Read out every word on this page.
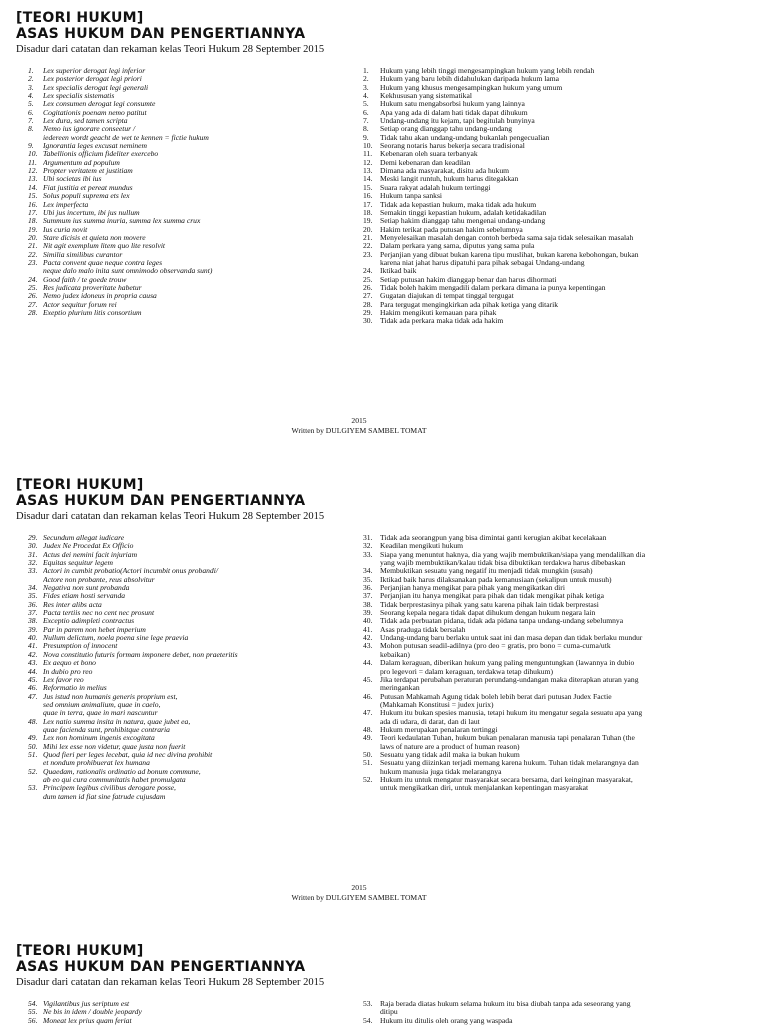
[TEORI HUKUM]
ASAS HUKUM DAN PENGERTIANNYA
Disadur dari catatan dan rekaman kelas Teori Hukum 28 September 2015
1.	Lex superior derogat legi inferior
2.	Lex posterior derogat legi priori
3.	Lex specialis derogat legi generali
4.	Lex specialis sistematis
5.	Lex consumen derogat legi consumte
6.	Cogitationis poenam nemo patitut
7.	Lex dura, sed tamen scripta
8.	Nemo ius ignorare conseetur /
iedereen wordt geacht de wet te kennen = fictie hukum
9.	Ignorantia leges excusat neminem
10. Tabellionis officium fideliter exercebo
11. Argumentum ad populum
12. Propter veritatem et justitiam
13. Ubi societas ibi ius
14. Fiat justitia et pereat mundus
15. Solus populi suprema ets lex
16. Lex imperfecta
17. Ubi jus incertum, ibi jus nullum
18. Summum ius summa inuria, summa lex summa crux
19. Ius curia novit
20. Stare dicisis et quieta non movere
21. Nit agit exemplum litem quo lite resolvit
22. Similia similibus curantor
23. Pacta convent quae neque contra leges
neque dalo malo inita sunt omnimodo observanda sunt)
24. Good faith / te goede trouw
25. Res judicata proveritate habetur
26. Nemo judex idoneus in propria causa
27. Actor sequitur forum rei
28. Exeptio plurium litis consortium
1.	Hukum yang lebih tinggi mengesampingkan hukum yang lebih rendah
2.	Hukum yang baru lebih didahulukan daripada hukum lama
3.	Hukum yang khusus mengesampingkan hukum yang umum
4.	Kekhususan yang sistematikal
5.	Hukum satu mengabsorbsi hukum yang lainnya
6.	Apa yang ada di dalam hati tidak dapat dihukum
7.	Undang-undang itu kejam, tapi begitulah bunyinya
8.	Setiap orang dianggap tahu undang-undang
9.	Tidak tahu akan undang-undang bukanlah pengecualian
10. Seorang notaris harus bekerja secara tradisional
11.	Kebenaran oleh suara terbanyak
12. Demi kebenaran dan keadilan
13. Dimana ada masyarakat, disitu ada hukum
14. Meski langit runtuh, hukum harus ditegakkan
15. Suara rakyat adalah hukum tertinggi
16. Hukum tanpa sanksi
17. Tidak ada kepastian hukum, maka tidak ada hukum
18. Semakin tinggi kepastian hukum, adalah ketidakadilan
19. Setiap hakim dianggap tahu mengenai undang-undang
20. Hakim terikat pada putusan hakim sebelumnya
21. Menyelesaikan masalah dengan contoh berbeda sama saja tidak selesaikan masalah
22. Dalam perkara yang sama, diputus yang sama pula
23. Perjanjian yang dibuat bukan karena tipu muslihat, bukan karena kebohongan, bukan
karena niat jahat harus dipatuhi para pihak sebagai Undang-undang
24. Iktikad baik
25. Setiap putusan hakim dianggap benar dan harus dihormati
26. Tidak boleh hakim mengadili dalam perkara dimana ia punya kepentingan
27. Gugatan diajukan di tempat tinggal tergugat
28. Para tergugat mengingkirkan ada pihak ketiga yang ditarik
29. Hakim mengikuti kemauan para pihak
30. Tidak ada perkara maka tidak ada hakim
2015
Written by DULGIYEM SAMBEL TOMAT
[TEORI HUKUM]
ASAS HUKUM DAN PENGERTIANNYA
Disadur dari catatan dan rekaman kelas Teori Hukum 28 September 2015
29. Secundum allegat iudicare
30. Judex Ne Procedat Ex Officio
31. Actus dei nemini facit injuriam
32. Equitas sequitur legem
33. Actori in cumbit probatio(Actori incumbit onus probandi/
Actore non probante, reus absolvitur
34. Negativa non sunt probanda
35. Fides etiam hosti servanda
36. Res inter alibs acta
37. Pacta tertiis nec no cent nec prosunt
38. Exceptio adimpleti contractus
39. Par in parem non hebet imperium
40. Nullum delictum, noela poena sine lege praevia
41. Presumption of innocent
42. Nova constitutio futuris formam imponere debet, non praeteritis
43. Ex aequo et bono
44. In dubio pro reo
45. Lex favor reo
46. Reformatio in melius
47. Jus istud non humanis generis proprium est,
sed omnium animalium, quae in caelo,
quae in terra, quae in mari nascuntur
48. Lex natio summa insita in natura, quae jubet ea,
quae facienda sunt, prohibitque contraria
49. Lex non hominum ingenis excogitata
50. Mihi lex esse non videtur, quae justa non fuerit
51. Quod fieri per leges lecebat, quia id nec divina prohibit
et nondum prohibuerat lex humana
52. Quaedam, rationalis ordinatio ad bonum commune,
ab eo qui cura communitatis habet promulgata
53. Principem legibus civilibus derogare posse,
dum tamen id fiat sine fatrude cujusdam
31. Tidak ada seorangpun yang bisa dimintai ganti kerugian akibat kecelakaan
32. Keadilan mengikuti hukum
33. Siapa yang menuntut haknya, dia yang wajib membuktikan/siapa yang mendalilkan dia
yang wajib membuktikan/kalau tidak bisa dibuktikan terdakwa harus dibebaskan
34. Membuktikan sesuatu yang negatif itu menjadi tidak mungkin (susah)
35. Iktikad baik harus dilaksanakan pada kemanusiaan (sekalipun untuk musuh)
36. Perjanjian hanya mengikat para pihak yang mengikatkan diri
37. Perjanjian itu hanya mengikat para pihak dan tidak mengikat pihak ketiga
38. Tidak berprestasinya pihak yang satu karena pihak lain tidak berprestasi
39. Seorang kepala negara tidak dapat dihukum dengan hukum negara lain
40. Tidak ada perbuatan pidana, tidak ada pidana tanpa undang-undang sebelumnya
41. Asas praduga tidak bersalah
42. Undang-undang baru berlaku untuk saat ini dan masa depan dan tidak berlaku mundur
43. Mohon putusan seadil-adilnya (pro deo = gratis, pro bono = cuma-cuma/utk
kebaikan)
44. Dalam keraguan, diberikan hukum yang paling menguntungkan (lawannya in dubio
pro legevori = dalam keraguan, terdakwa tetap dihukum)
45. Jika terdapat perubahan peraturan perundang-undangan maka diterapkan aturan yang
meringankan
46. Putusan Mahkamah Agung tidak boleh lebih berat dari putusan Judex Factie
(Mahkamah Konstitusi = judex jurix)
47. Hukum itu bukan spesies manusia, tetapi hukum itu mengatur segala sesuatu apa yang
ada di udara, di darat, dan di laut
48. Hukum merupakan penalaran tertinggi
49. Teori kedaulatan Tuhan, hukum bukan penalaran manusia tapi penalaran Tuhan (the
laws of nature are a product of human reason)
50. Sesuatu yang tidak adil maka ia bukan hukum
51. Sesuatu yang diizinkan terjadi memang karena hukum. Tuhan tidak melarangnya dan
hukum manusia juga tidak melarangnya
52. Hukum itu untuk mengatur masyarakat secara bersama, dari keinginan masyarakat,
untuk mengikatkan diri, untuk menjalankan kepentingan masyarakat
2015
Written by DULGIYEM SAMBEL TOMAT
[TEORI HUKUM]
ASAS HUKUM DAN PENGERTIANNYA
Disadur dari catatan dan rekaman kelas Teori Hukum 28 September 2015
54. Vigilantibus jus seriptum est
55. Ne bis in idem / double jeopardy
56. Moneat lex prius quam feriat
53. Raja berada diatas hukum selama hukum itu bisa diubah tanpa ada seseorang yang
ditipu
54. Hukum itu ditulis oleh orang yang waspada
